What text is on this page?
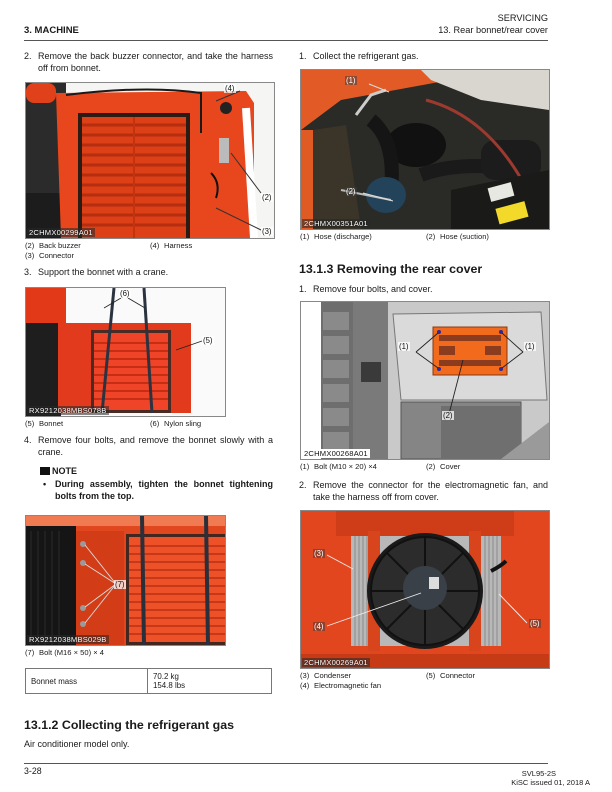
3. MACHINE
SERVICING
13. Rear bonnet/rear cover
2. Remove the back buzzer connector, and take the harness off from bonnet.
(4)
(2)
(3)
2CHMX00299A01
(2) Back buzzer	(4) Harness
(3) Connector
3. Support the bonnet with a crane.
(6)
(5)
RX9212038MBS078B
(5) Bonnet	(6) Nylon sling
4. Remove four bolts, and remove the bonnet slowly with a crane.
NOTE
• During assembly, tighten the bonnet tightening bolts from the top.
(7)
RX9212038MBS029B
(7) Bolt (M16 × 50) × 4
Bonnet mass	70.2 kg
154.8 lbs
13.1.2 Collecting the refrigerant gas
Air conditioner model only.
1. Collect the refrigerant gas.
(1)
(2)
2CHMX00351A01
(1) Hose (discharge)	(2) Hose (suction)
13.1.3 Removing the rear cover
1. Remove four bolts, and cover.
(1)	(1)
(2)
2CHMX00268A01
(1) Bolt (M10 × 20) ×4	(2) Cover
2. Remove the connector for the electromagnetic fan, and take the harness off from cover.
(3)
(4)	(5)
2CHMX00269A01
(3) Condenser	(5) Connector
(4) Electromagnetic fan
3-28	SVL95-2S
KiSC issued 01, 2018 A
